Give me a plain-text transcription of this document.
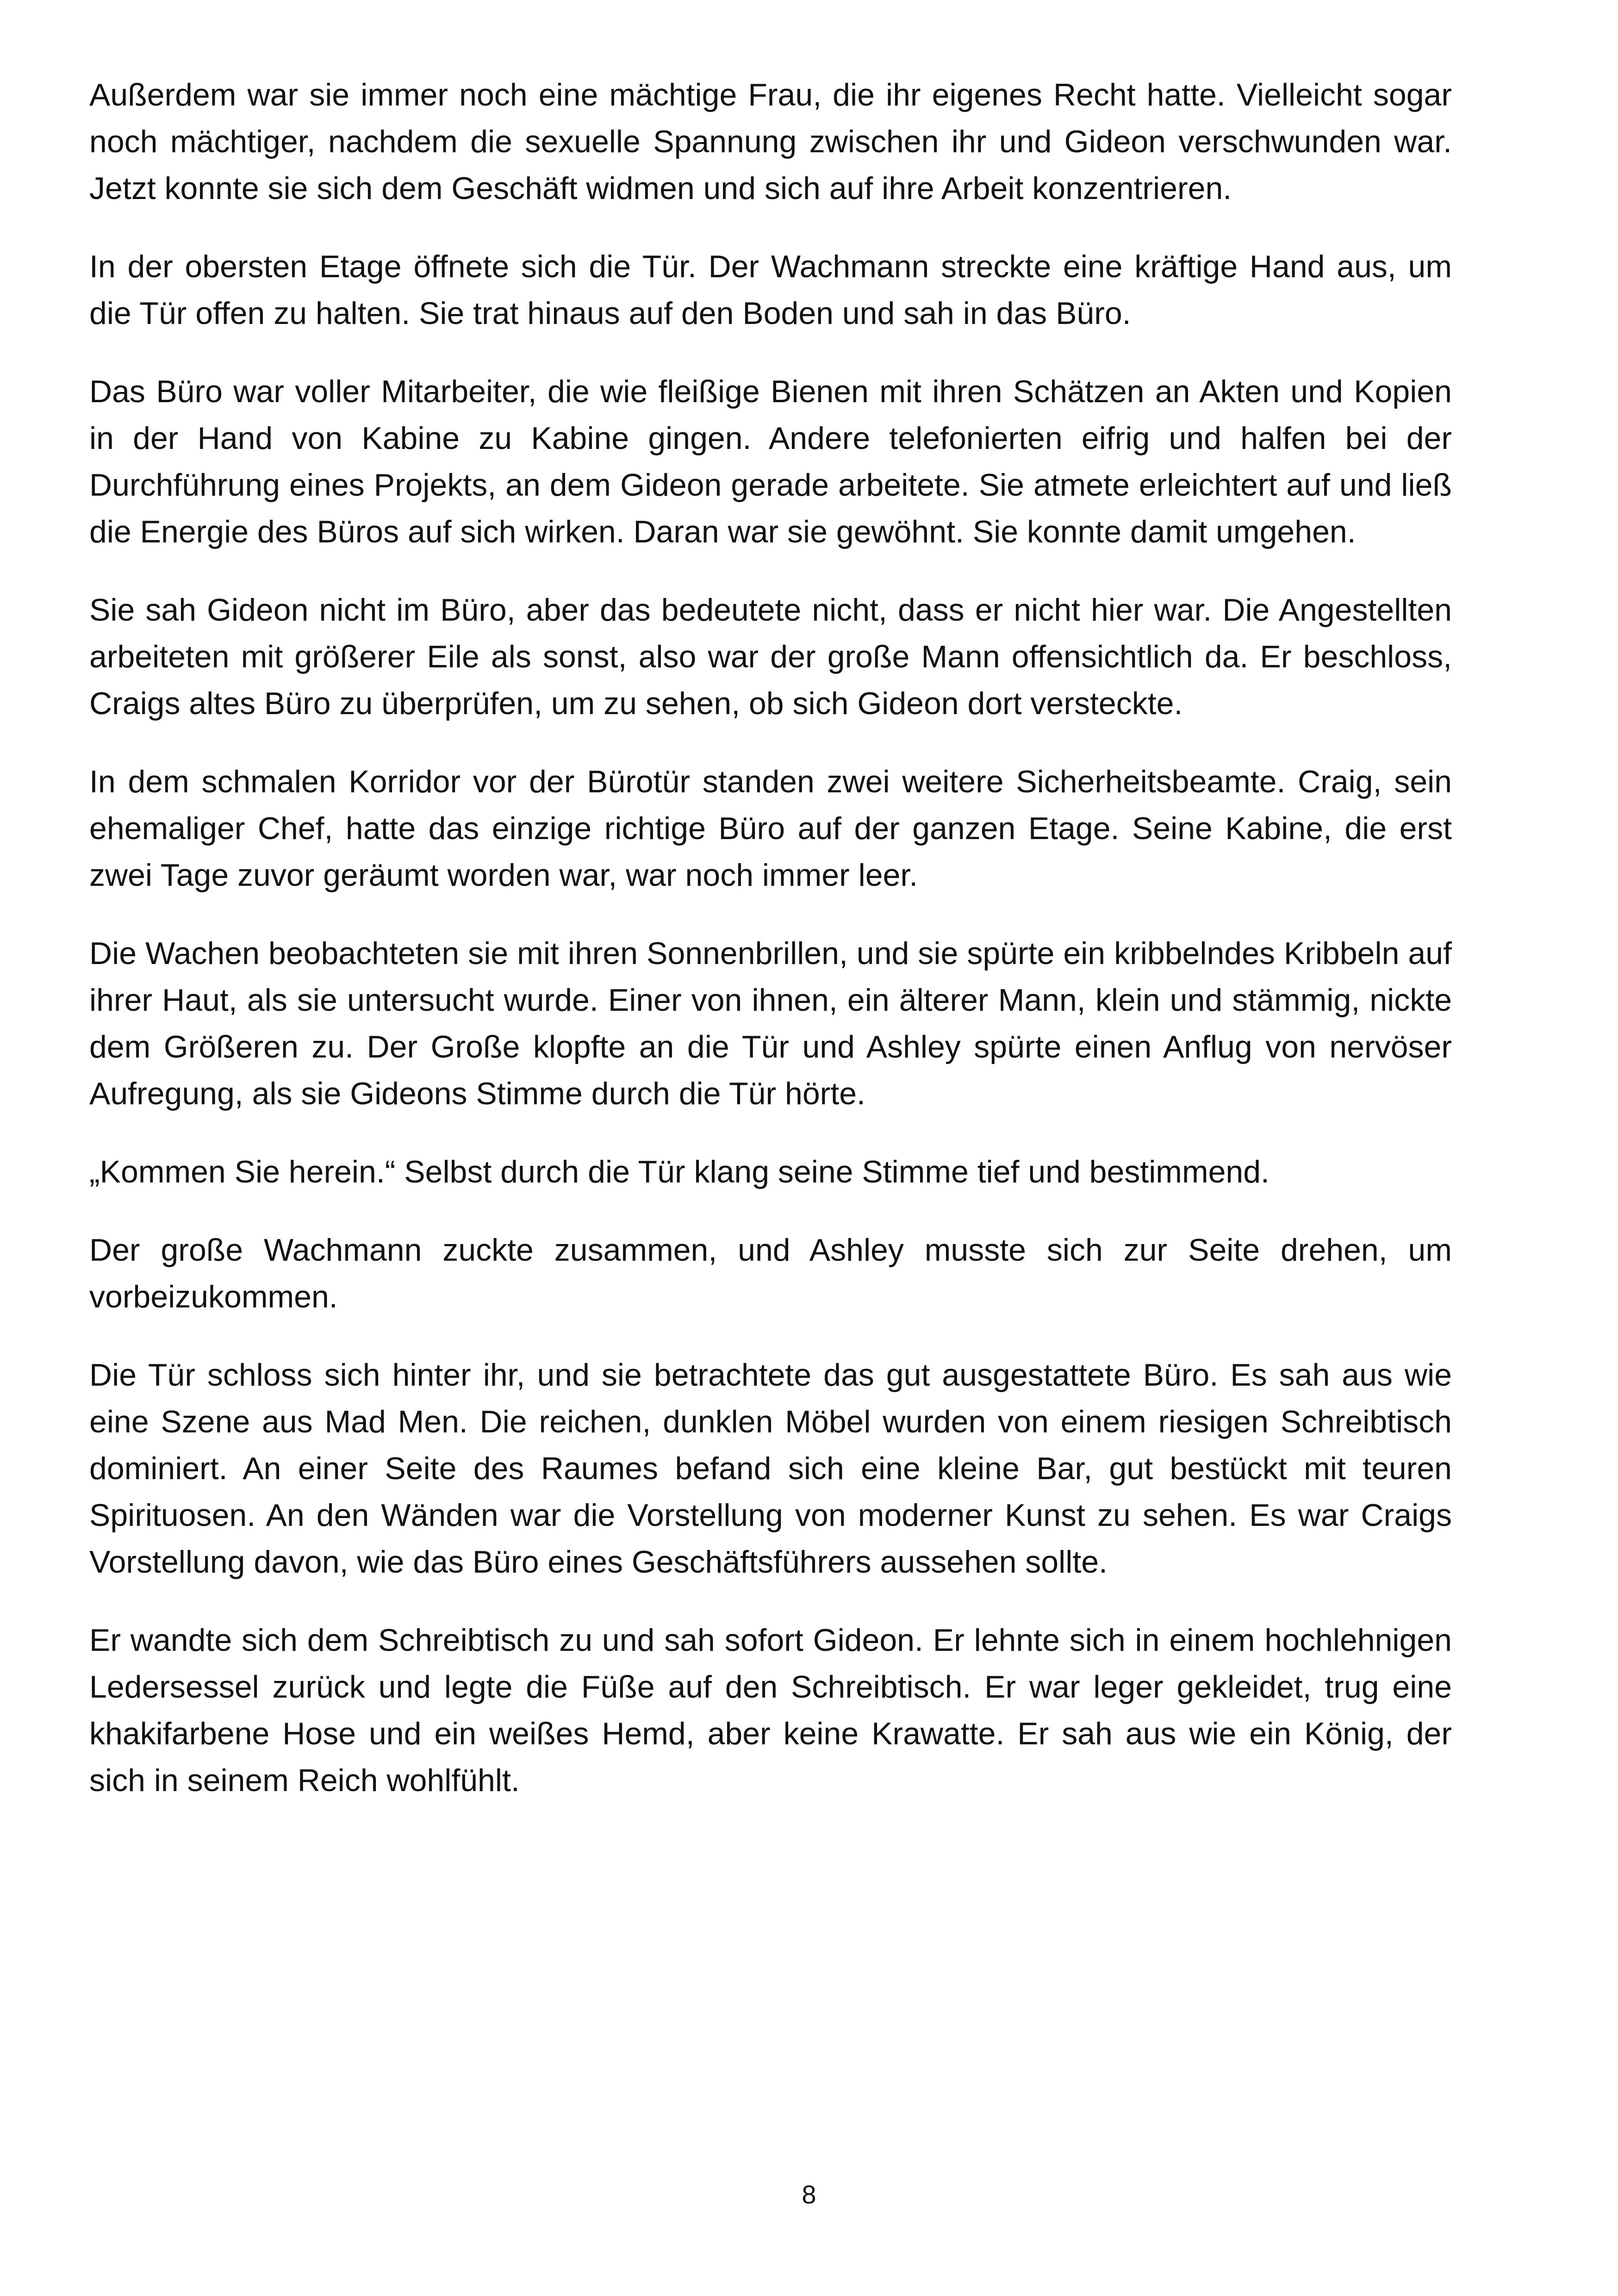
Außerdem war sie immer noch eine mächtige Frau, die ihr eigenes Recht hatte. Vielleicht sogar noch mächtiger, nachdem die sexuelle Spannung zwischen ihr und Gideon verschwunden war. Jetzt konnte sie sich dem Geschäft widmen und sich auf ihre Arbeit konzentrieren.

In der obersten Etage öffnete sich die Tür. Der Wachmann streckte eine kräftige Hand aus, um die Tür offen zu halten. Sie trat hinaus auf den Boden und sah in das Büro.

Das Büro war voller Mitarbeiter, die wie fleißige Bienen mit ihren Schätzen an Akten und Kopien in der Hand von Kabine zu Kabine gingen. Andere telefonierten eifrig und halfen bei der Durchführung eines Projekts, an dem Gideon gerade arbeitete. Sie atmete erleichtert auf und ließ die Energie des Büros auf sich wirken. Daran war sie gewöhnt. Sie konnte damit umgehen.

Sie sah Gideon nicht im Büro, aber das bedeutete nicht, dass er nicht hier war. Die Angestellten arbeiteten mit größerer Eile als sonst, also war der große Mann offensichtlich da. Er beschloss, Craigs altes Büro zu überprüfen, um zu sehen, ob sich Gideon dort versteckte.

In dem schmalen Korridor vor der Bürotür standen zwei weitere Sicherheitsbeamte. Craig, sein ehemaliger Chef, hatte das einzige richtige Büro auf der ganzen Etage. Seine Kabine, die erst zwei Tage zuvor geräumt worden war, war noch immer leer.

Die Wachen beobachteten sie mit ihren Sonnenbrillen, und sie spürte ein kribbelndes Kribbeln auf ihrer Haut, als sie untersucht wurde. Einer von ihnen, ein älterer Mann, klein und stämmig, nickte dem Größeren zu. Der Große klopfte an die Tür und Ashley spürte einen Anflug von nervöser Aufregung, als sie Gideons Stimme durch die Tür hörte.

„Kommen Sie herein.“ Selbst durch die Tür klang seine Stimme tief und bestimmend.

Der große Wachmann zuckte zusammen, und Ashley musste sich zur Seite drehen, um vorbeizukommen.

Die Tür schloss sich hinter ihr, und sie betrachtete das gut ausgestattete Büro. Es sah aus wie eine Szene aus Mad Men. Die reichen, dunklen Möbel wurden von einem riesigen Schreibtisch dominiert. An einer Seite des Raumes befand sich eine kleine Bar, gut bestückt mit teuren Spirituosen. An den Wänden war die Vorstellung von moderner Kunst zu sehen. Es war Craigs Vorstellung davon, wie das Büro eines Geschäftsführers aussehen sollte.

Er wandte sich dem Schreibtisch zu und sah sofort Gideon. Er lehnte sich in einem hochlehnigen Ledersessel zurück und legte die Füße auf den Schreibtisch. Er war leger gekleidet, trug eine khakifarbene Hose und ein weißes Hemd, aber keine Krawatte. Er sah aus wie ein König, der sich in seinem Reich wohlfühlt.

8
